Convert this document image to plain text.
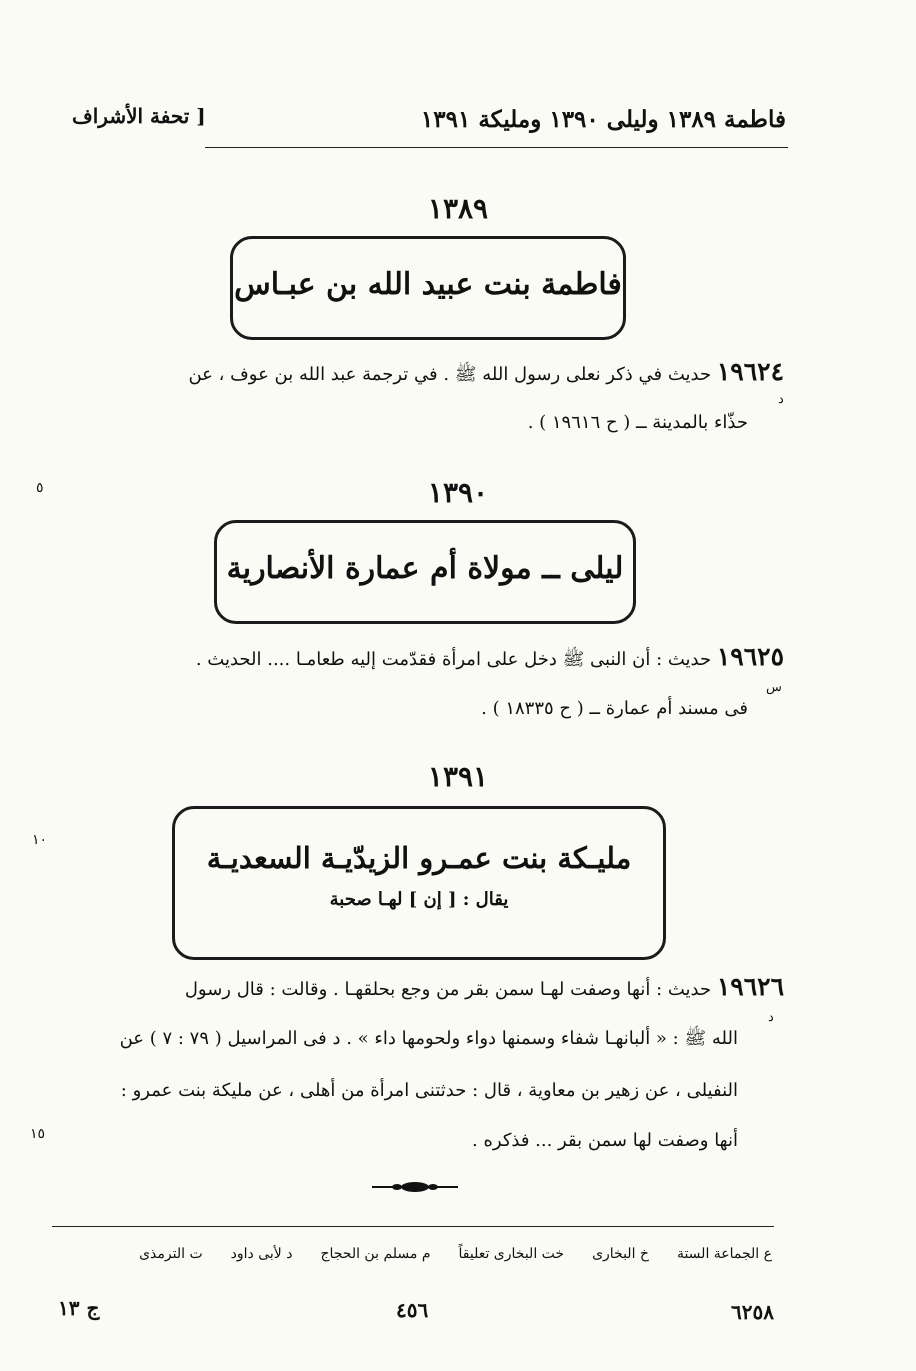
فاطمة ١٣٨٩ وليلى ١٣٩٠ ومليكة ١٣٩١
[ تحفة الأشراف
١٣٨٩
فاطمة بنت عبيد الله بن عبـاس
١٩٦٢٤ حديث في ذكر نعلى رسول الله ﷺ . في ترجمة عبد الله بن عوف ، عن
د
حذّاء بالمدينة ــ ( ح ١٩٦١٦ ) .
٥	١٣٩٠
ليلى ــ مولاة أم عمارة الأنصارية
١٩٦٢٥ حديث : أن النبى ﷺ دخل على امرأة فقدّمت إليه طعامـا .... الحديث .
س
فى مسند أم عمارة ــ ( ح ١٨٣٣٥ ) .
١٣٩١
١٠
مليـكة بنت عمـرو الزيدّيـة السعديـة
يقال : [ إن ] لهـا صحبة
١٩٦٢٦ حديث : أنها وصفت لهـا سمن بقر من وجع بحلقهـا . وقالت : قال رسول
د
الله ﷺ : « ألبانهـا شفاء وسمنها دواء ولحومها داء » . د فى المراسيل ( ٧٩ : ٧ ) عن
النفيلى ، عن زهير بن معاوية ، قال : حدثتنى امرأة من أهلى ، عن مليكة بنت عمرو :
١٥	أنها وصفت لها سمن بقر ... فذكره .
ع الجماعة الستة
خ البخارى
خت البخارى تعليقاً
م مسلم بن الحجاج
د لأبى داود
ت الترمذى
ج ١٣	٤٥٦	٦٢٥٨
